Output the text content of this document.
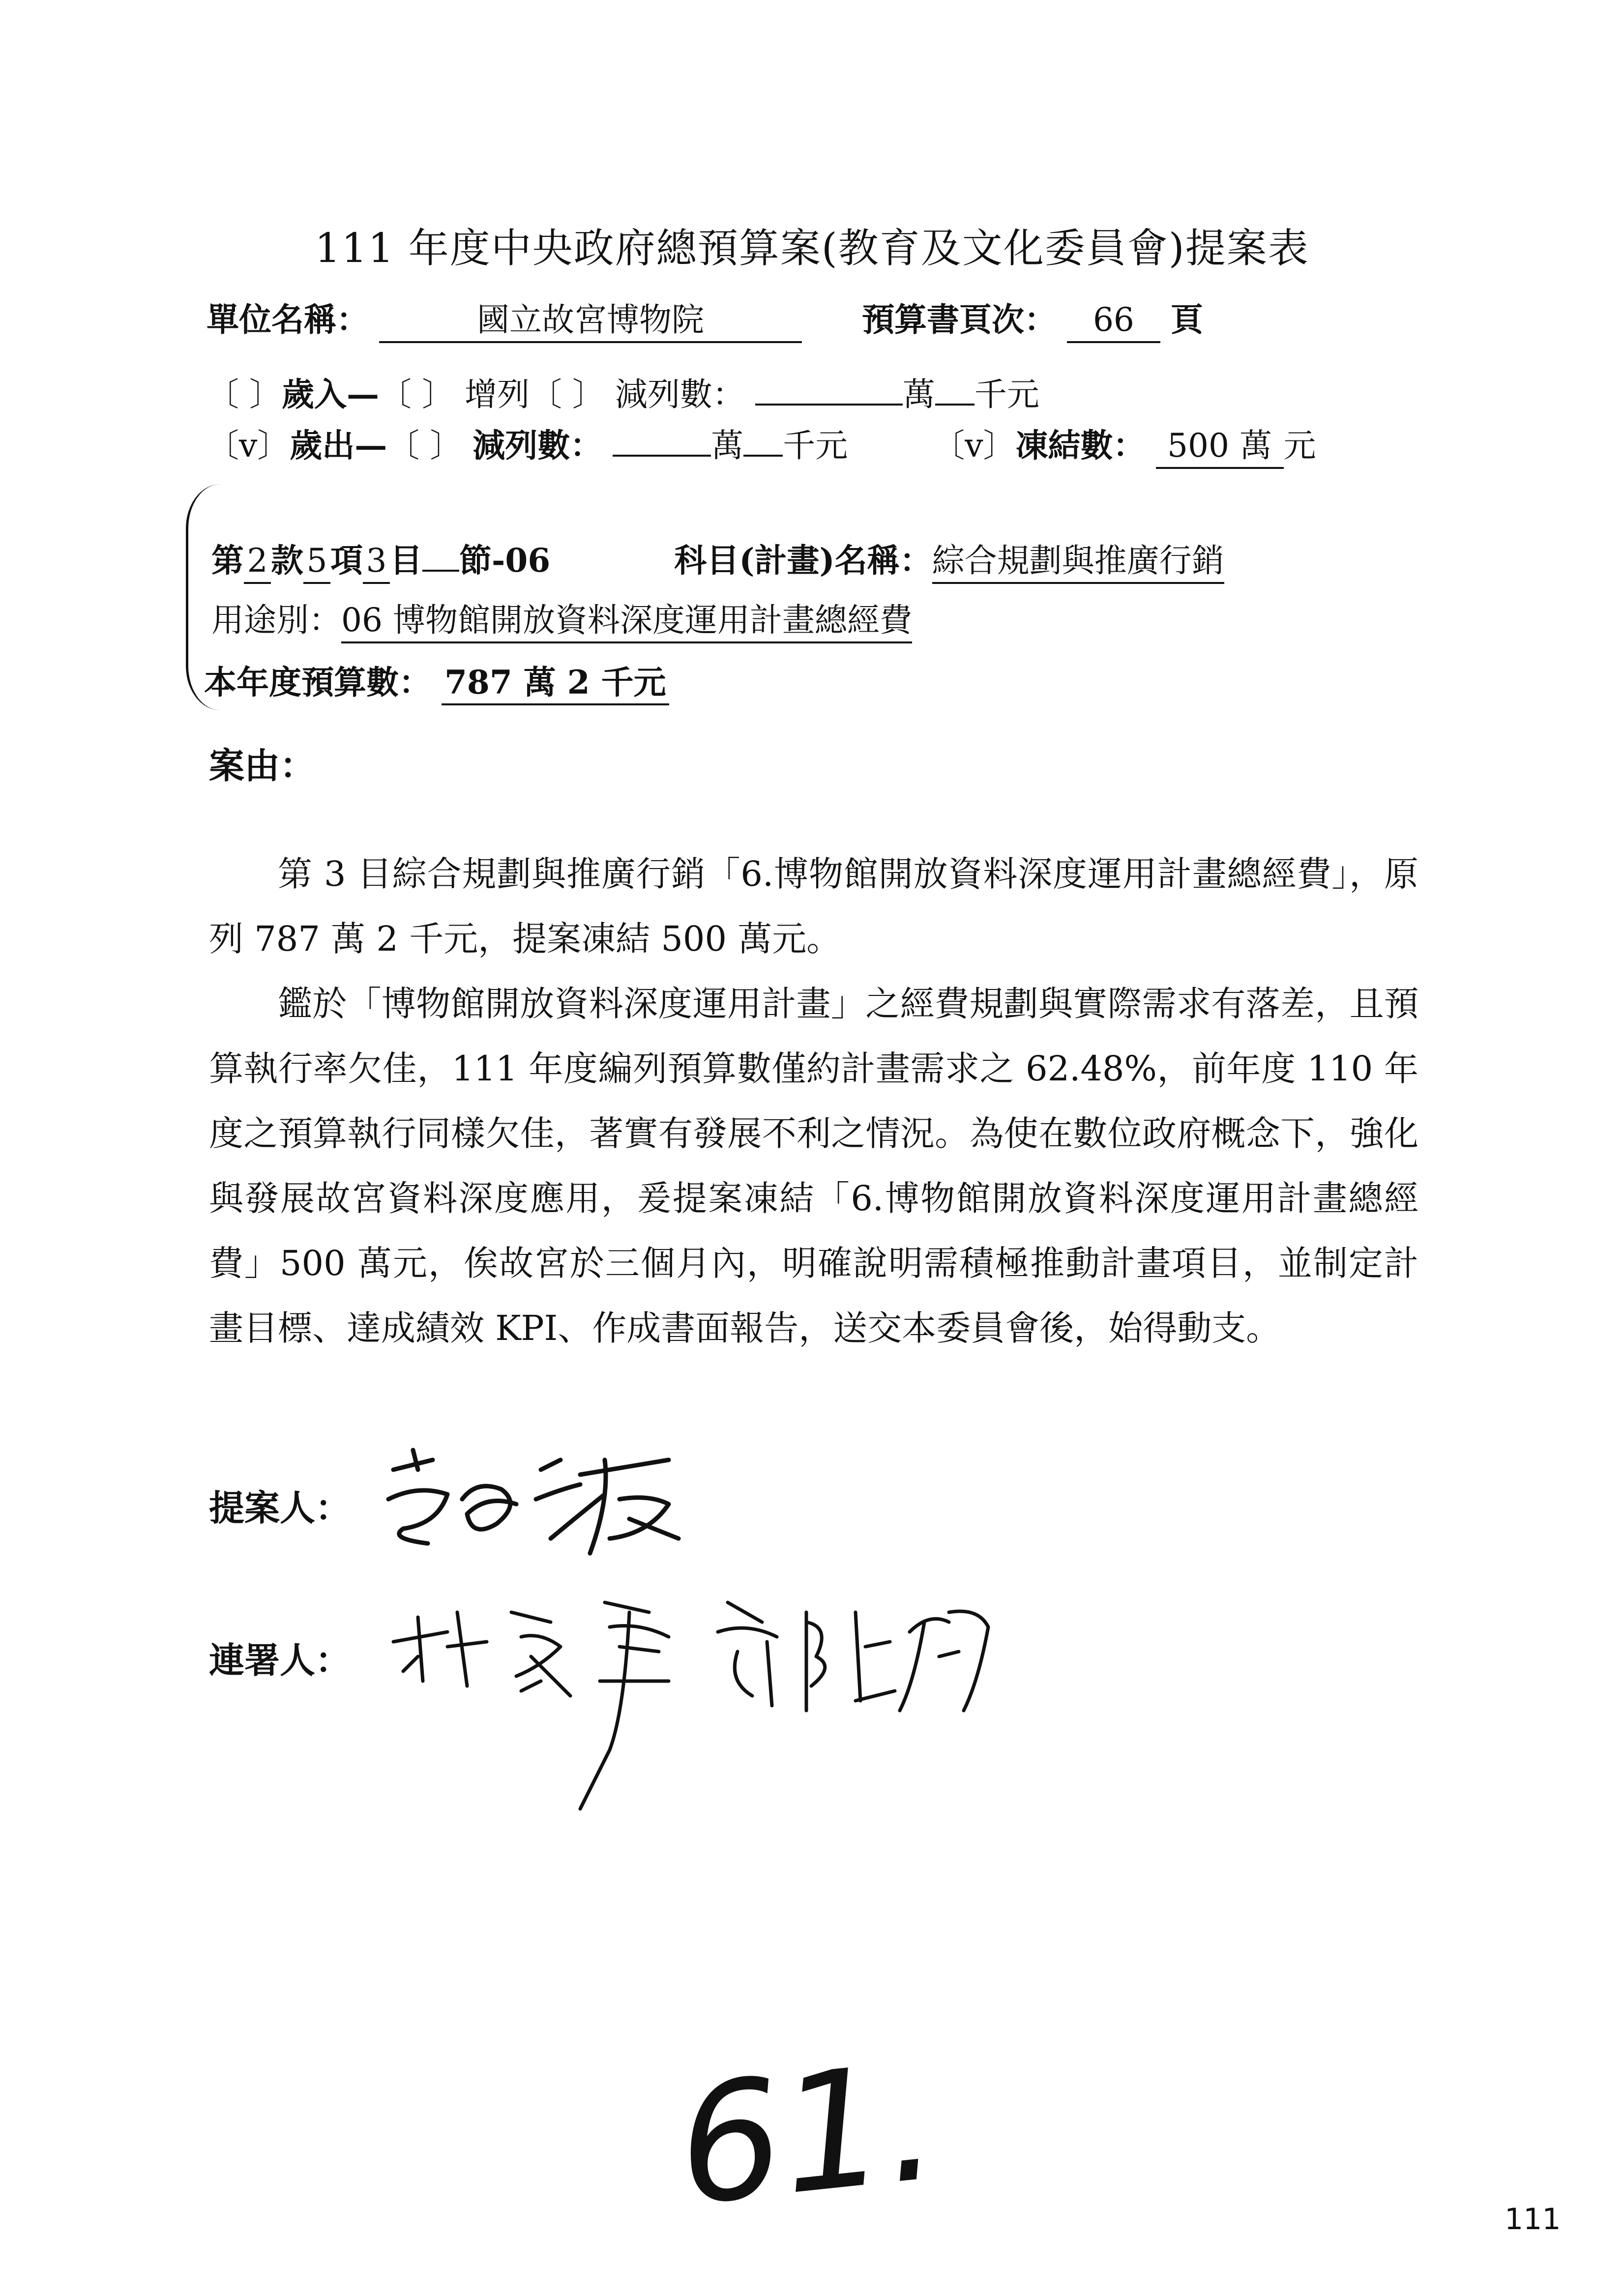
111 年度中央政府總預算案(教育及文化委員會)提案表
單位名稱：	國立故宮博物院	預算書頁次： 66 頁
〔 〕歲入—〔 〕 增列〔 〕 減列數：	萬 千元
〔v〕歲出—〔 〕 減列數：	萬 千元	〔v〕凍結數： 500 萬 元
第2款5項3目 節-06	科目(計畫)名稱：綜合規劃與推廣行銷
用途別：06 博物館開放資料深度運用計畫總經費
本年度預算數： 787 萬 2 千元
案由：

第 3 目綜合規劃與推廣行銷「6.博物館開放資料深度運用計畫總經費」，原列 787 萬 2 千元，提案凍結 500 萬元。

鑑於「博物館開放資料深度運用計畫」之經費規劃與實際需求有落差，且預算執行率欠佳，111 年度編列預算數僅約計畫需求之 62.48%，前年度 110 年度之預算執行同樣欠佳，著實有發展不利之情況。為使在數位政府概念下，強化與發展故宮資料深度應用，爰提案凍結「6.博物館開放資料深度運用計畫總經費」500 萬元，俟故宮於三個月內，明確說明需積極推動計畫項目，並制定計畫目標、達成績效 KPI、作成書面報告，送交本委員會後，始得動支。

提案人：
連署人：
61.	111
